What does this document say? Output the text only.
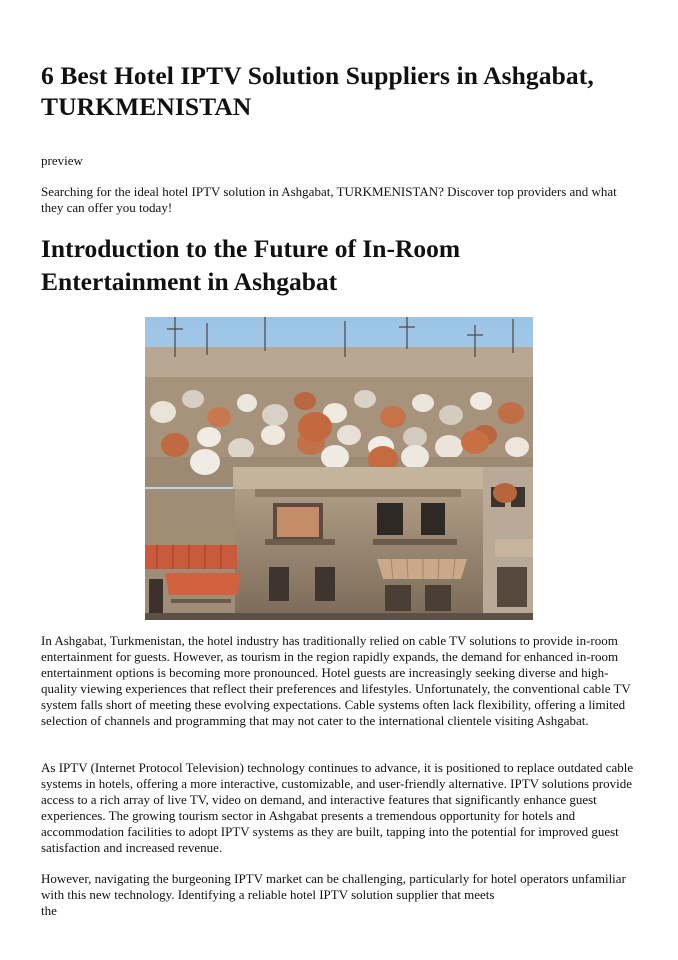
6 Best Hotel IPTV Solution Suppliers in Ashgabat, TURKMENISTAN

preview

Searching for the ideal hotel IPTV solution in Ashgabat, TURKMENISTAN? Discover top providers and what they can offer you today!

Introduction to the Future of In-Room Entertainment in Ashgabat

In Ashgabat, Turkmenistan, the hotel industry has traditionally relied on cable TV solutions to provide in-room entertainment for guests. However, as tourism in the region rapidly expands, the demand for enhanced in-room entertainment options is becoming more pronounced. Hotel guests are increasingly seeking diverse and high-quality viewing experiences that reflect their preferences and lifestyles. Unfortunately, the conventional cable TV system falls short of meeting these evolving expectations. Cable systems often lack flexibility, offering a limited selection of channels and programming that may not cater to the international clientele visiting Ashgabat.

As IPTV (Internet Protocol Television) technology continues to advance, it is positioned to replace outdated cable systems in hotels, offering a more interactive, customizable, and user-friendly alternative. IPTV solutions provide access to a rich array of live TV, video on demand, and interactive features that significantly enhance guest experiences. The growing tourism sector in Ashgabat presents a tremendous opportunity for hotels and accommodation facilities to adopt IPTV systems as they are built, tapping into the potential for improved guest satisfaction and increased revenue.

However, navigating the burgeoning IPTV market can be challenging, particularly for hotel operators unfamiliar with this new technology. Identifying a reliable hotel IPTV solution supplier that meets
the
